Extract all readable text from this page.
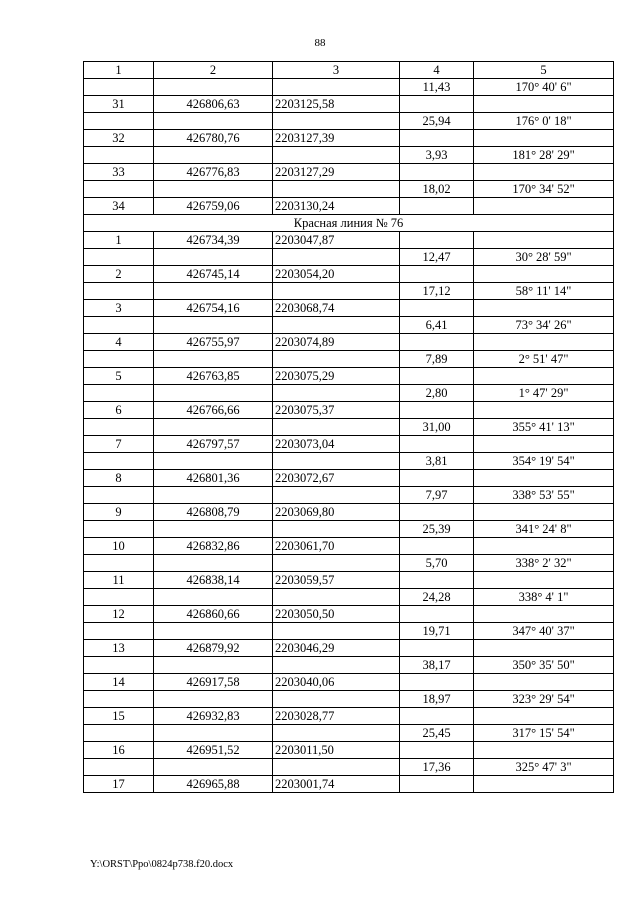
88
1	2	3	4	5
			11,43	170° 40' 6"
31	426806,63	2203125,58		
			25,94	176° 0' 18"
32	426780,76	2203127,39		
			3,93	181° 28' 29"
33	426776,83	2203127,29		
			18,02	170° 34' 52"
34	426759,06	2203130,24		
Красная линия № 76				
1	426734,39	2203047,87		
			12,47	30° 28' 59"
2	426745,14	2203054,20		
			17,12	58° 11' 14"
3	426754,16	2203068,74		
			6,41	73° 34' 26"
4	426755,97	2203074,89		
			7,89	2° 51' 47"
5	426763,85	2203075,29		
			2,80	1° 47' 29"
6	426766,66	2203075,37		
			31,00	355° 41' 13"
7	426797,57	2203073,04		
			3,81	354° 19' 54"
8	426801,36	2203072,67		
			7,97	338° 53' 55"
9	426808,79	2203069,80		
			25,39	341° 24' 8"
10	426832,86	2203061,70		
			5,70	338° 2' 32"
11	426838,14	2203059,57		
			24,28	338° 4' 1"
12	426860,66	2203050,50		
			19,71	347° 40' 37"
13	426879,92	2203046,29		
			38,17	350° 35' 50"
14	426917,58	2203040,06		
			18,97	323° 29' 54"
15	426932,83	2203028,77		
			25,45	317° 15' 54"
16	426951,52	2203011,50		
			17,36	325° 47' 3"
17	426965,88	2203001,74		
Y:\ORST\Ppo\0824p738.f20.docx
